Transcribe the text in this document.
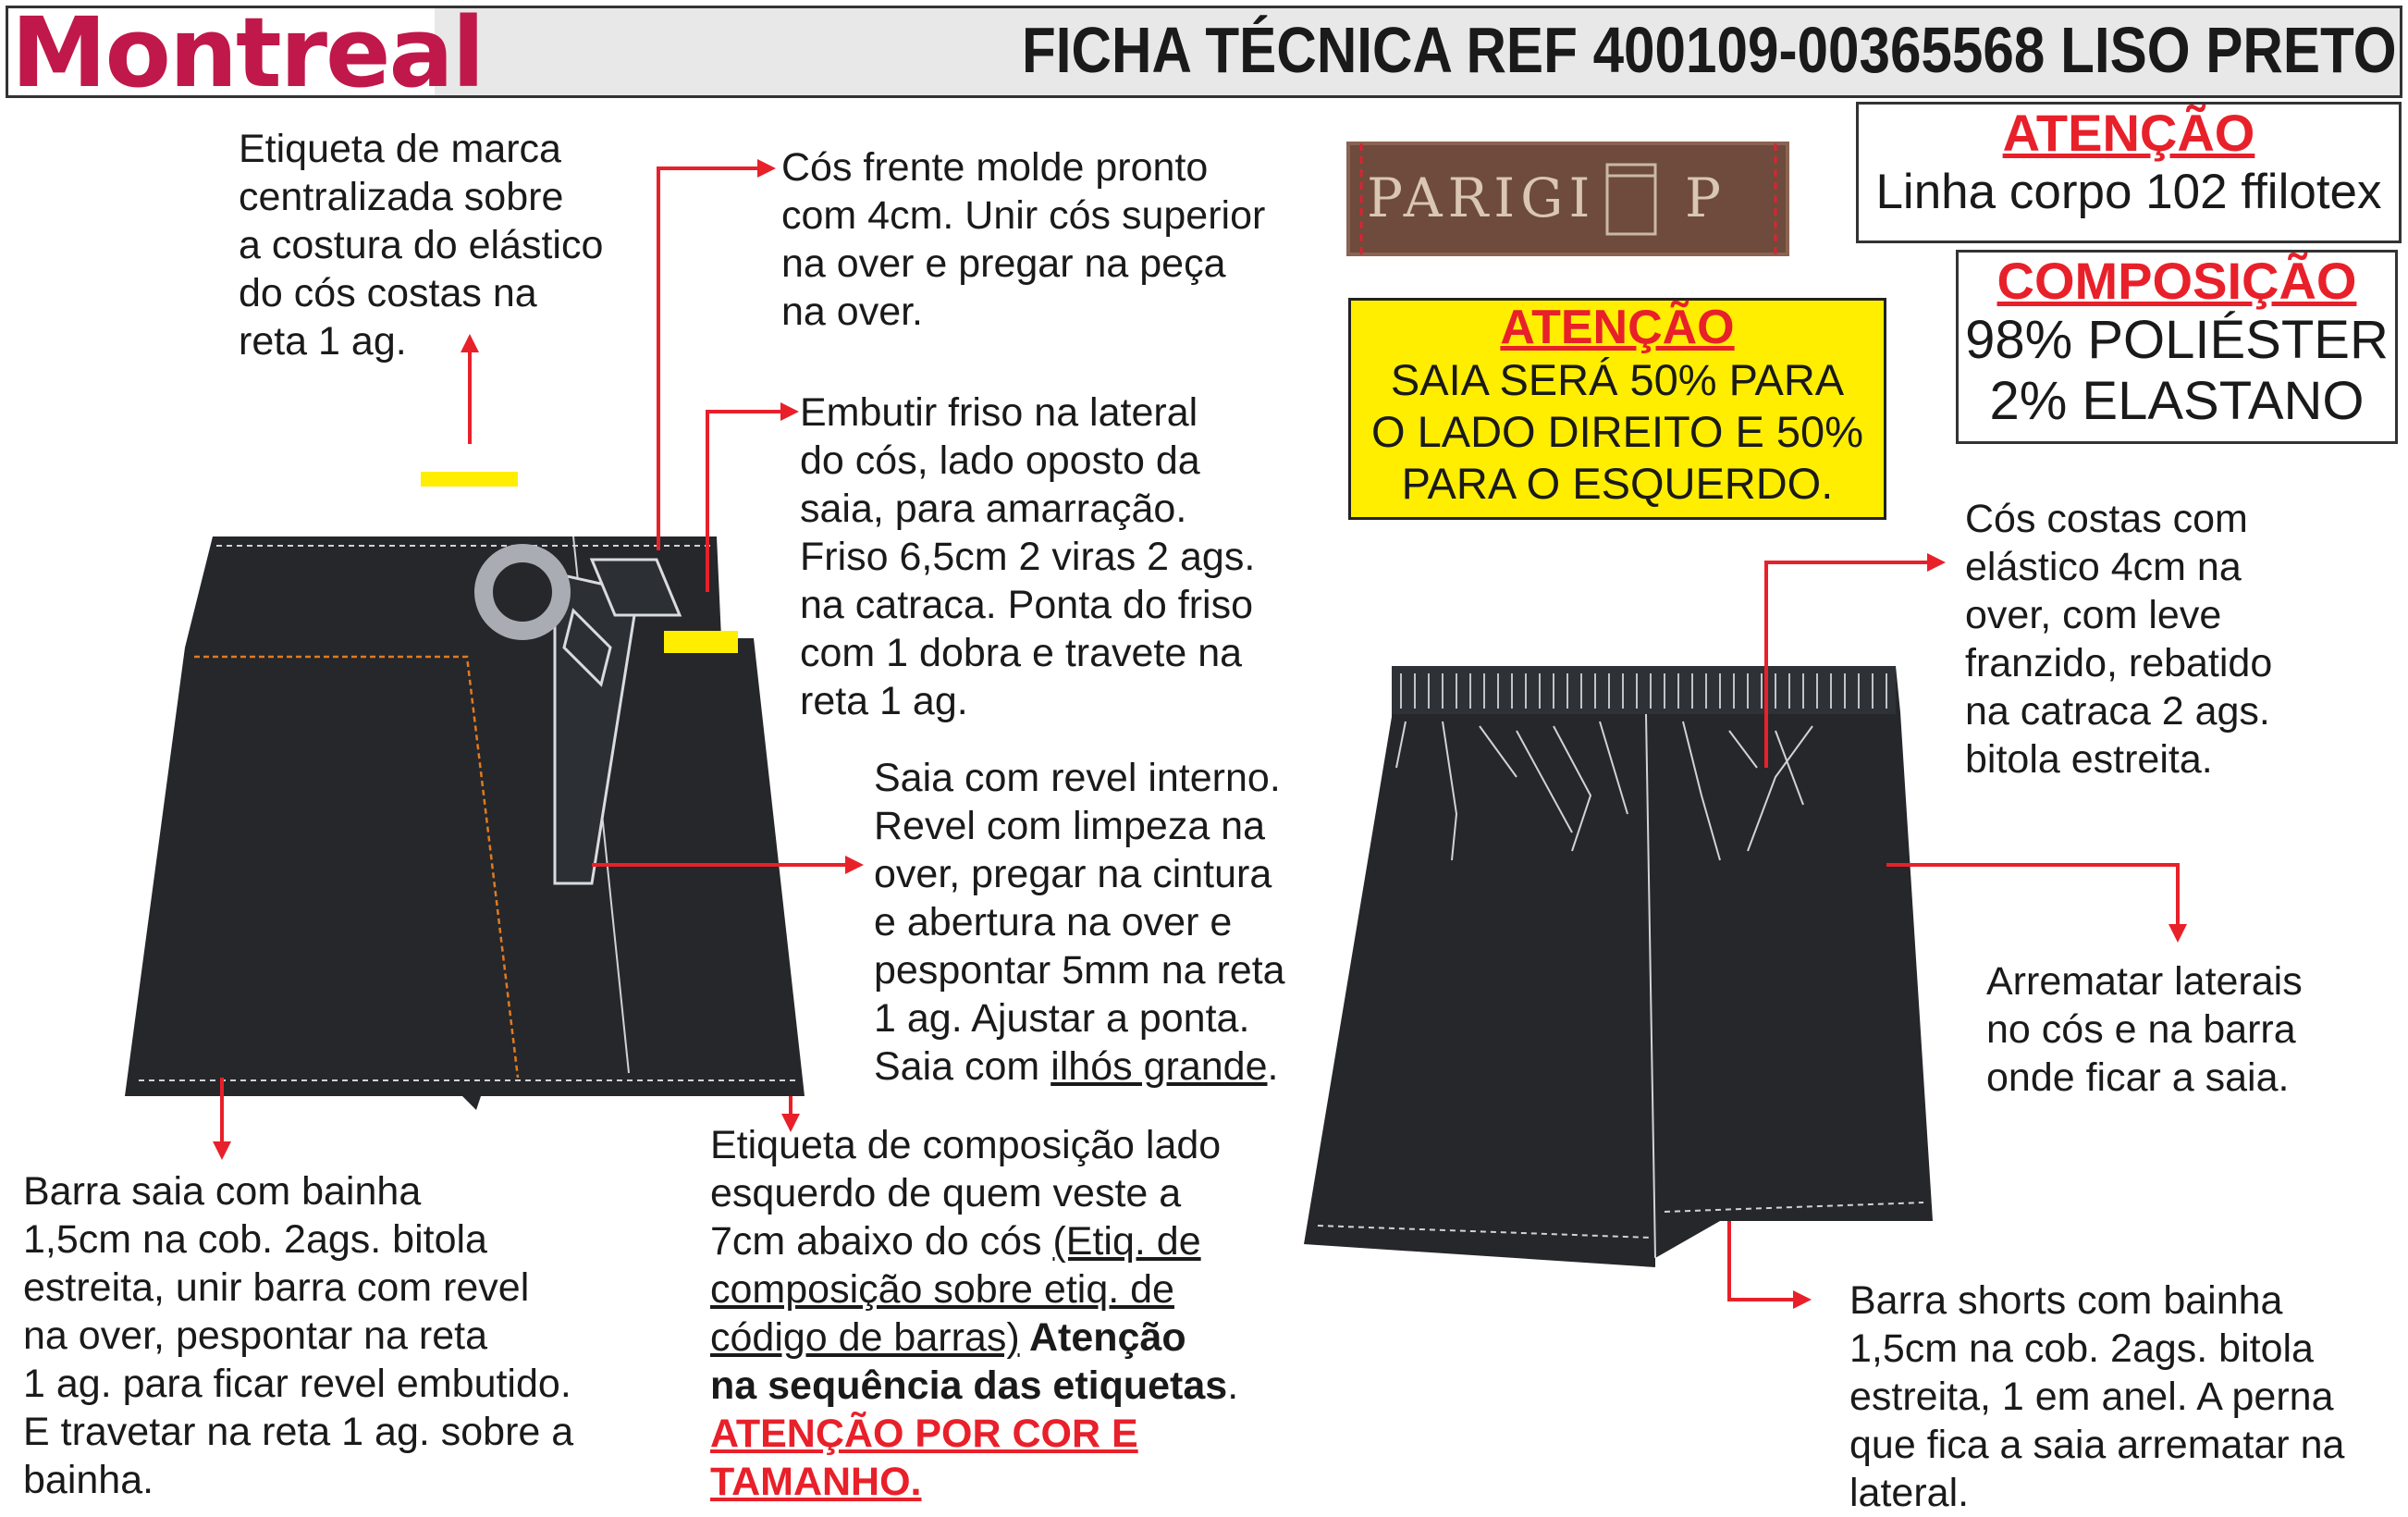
Montreal	FICHA TÉCNICA REF 400109-00365568 LISO PRETO
ATENÇÃO
Linha corpo 102 ffilotex
COMPOSIÇÃO
98% POLIÉSTER
2% ELASTANO
ATENÇÃO
SAIA SERÁ 50% PARA
O LADO DIREITO E 50%
PARA O ESQUERDO.
Etiqueta de marca
centralizada sobre
a costura do elástico
do cós costas na
reta 1 ag.
Cós frente molde pronto
com 4cm. Unir cós superior
na over e pregar na peça
na over.
Embutir friso na lateral
do cós, lado oposto da
saia, para amarração.
Friso 6,5cm 2 viras 2 ags.
na catraca. Ponta do friso
com 1 dobra e travete na
reta 1 ag.
Saia com revel interno.
Revel com limpeza na
over, pregar na cintura
e abertura na over e
pespontar 5mm na reta
1 ag. Ajustar a ponta.
Saia com ilhós grande.
Barra saia com bainha
1,5cm na cob. 2ags. bitola
estreita, unir barra com revel
na over, pespontar na reta
1 ag. para ficar revel embutido.
E travetar na reta 1 ag. sobre a
bainha.
Etiqueta de composição lado
esquerdo de quem veste a
7cm abaixo do cós (Etiq. de
composição sobre etiq. de
código de barras) Atenção
na sequência das etiquetas.
ATENÇÃO POR COR E
TAMANHO.
Cós costas com
elástico 4cm na
over, com leve
franzido, rebatido
na catraca 2 ags.
bitola estreita.
Arrematar laterais
no cós e na barra
onde ficar a saia.
Barra shorts com bainha
1,5cm na cob. 2ags. bitola
estreita, 1 em anel. A perna
que fica a saia arrematar na
lateral.
PARIGI P
